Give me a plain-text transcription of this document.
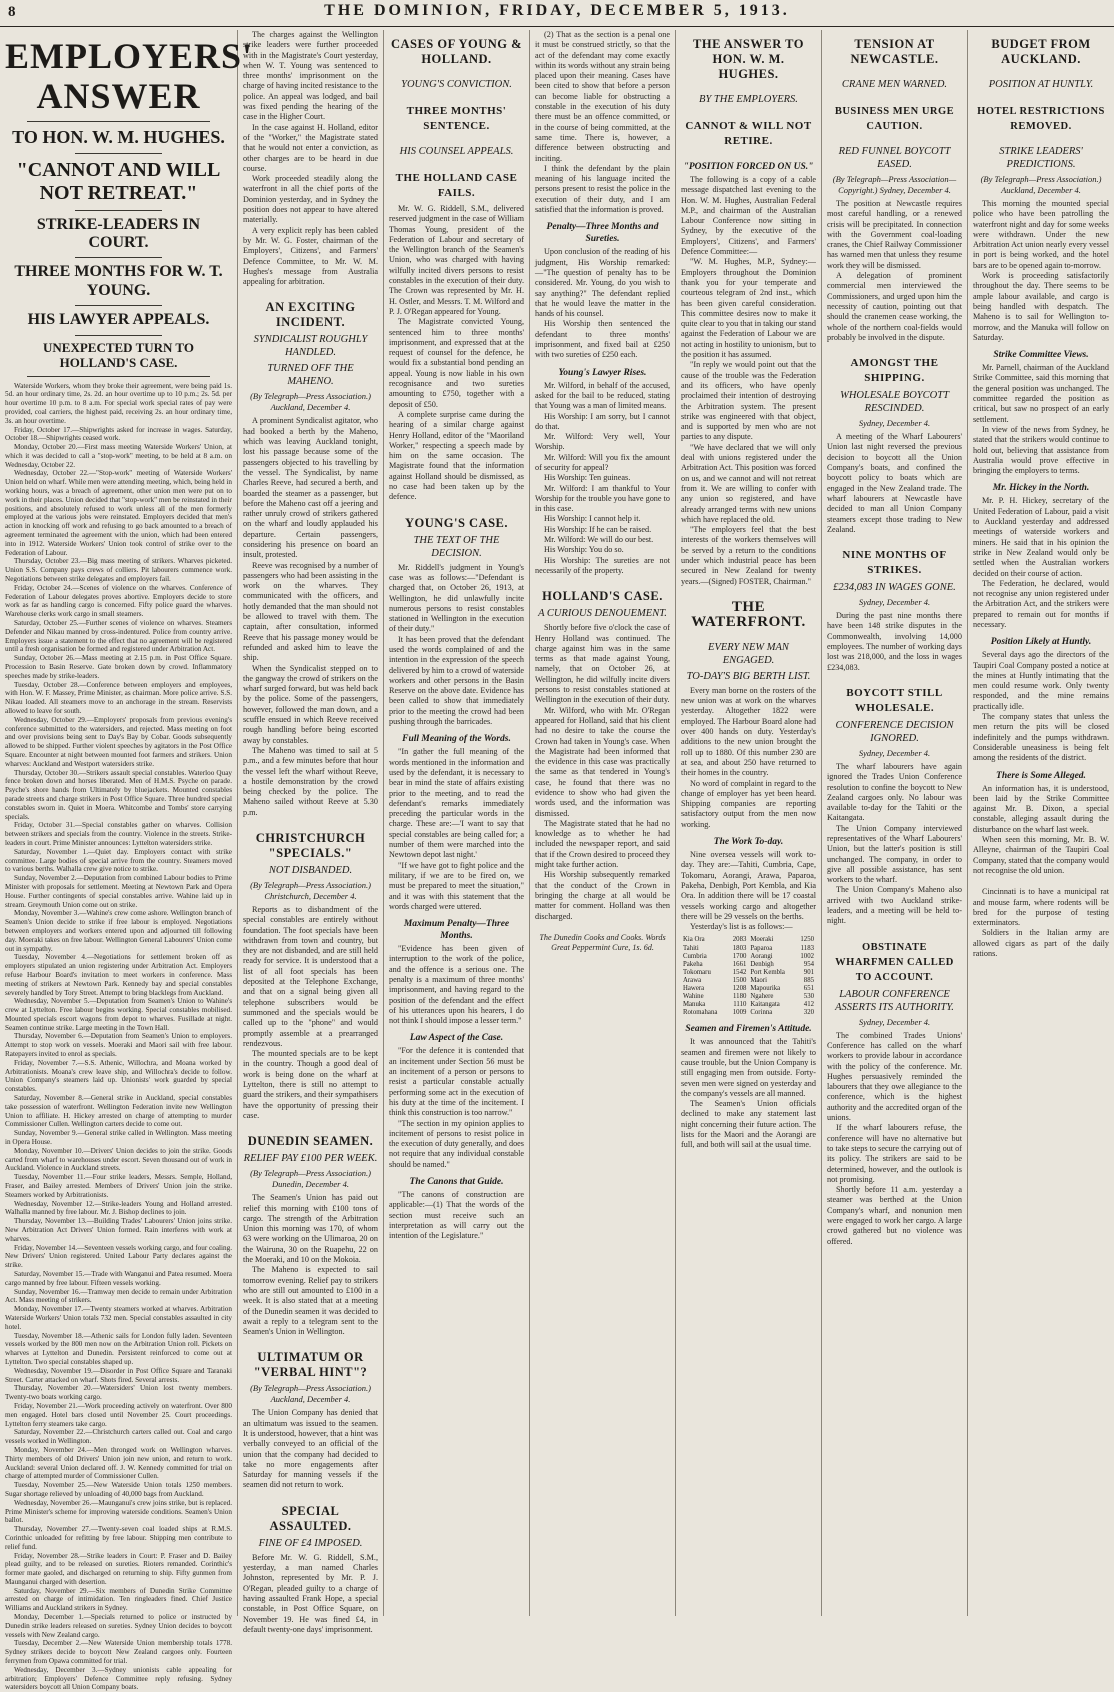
8	THE DOMINION, FRIDAY, DECEMBER 5, 1913.
EMPLOYERS' ANSWER
TO HON. W. M. HUGHES.
"CANNOT AND WILL NOT RETREAT."
STRIKE-LEADERS IN COURT.
THREE MONTHS FOR W. T. YOUNG.
HIS LAWYER APPEALS.
UNEXPECTED TURN TO HOLLAND'S CASE.

Waterside Workers, whom they broke their agreement, were being paid 1s. 5d. an hour ordinary time, 2s. 2d. an hour overtime up to 10 p.m.; 2s. 5d. per hour overtime 10 p.m. to 8 a.m. For special work special rates of pay were provided, coal carriers, the highest paid, receiving 2s. an hour ordinary time, 3s. an hour overtime.

Friday, October 17.—Shipwrights asked for increase in wages. Saturday, October 18.—Shipwrights ceased work.

Monday, October 20.—First mass meeting Waterside Workers' Union, at which it was decided to call a "stop-work" meeting, to be held at 8 a.m. on Wednesday, October 22.

Wednesday, October 22.—"Stop-work" meeting of Waterside Workers' Union held on wharf. While men were attending meeting, which, being held in working hours, was a breach of agreement, other union men were put on to work in their places. Union decided that "stop-work" men be reinstated in their positions, and absolutely refused to work unless all of the men formerly employed at the various jobs were reinstated. Employers decided that men's action in knocking off work and refusing to go back amounted to a breach of agreement terminated the agreement with the union, which had been entered into in 1912. Waterside Workers' Union took control of strike over to the Federation of Labour.

Thursday, October 23.—Big mass meeting of strikers. Wharves picketed. Union S.S. Company pays crews of colliers. Pit labourers commence work. Negotiations between strike delegates and employers fail.

Friday, October 24.—Scenes of violence on the wharves. Conference of Federation of Labour delegates proves abortive. Employers decide to store work as far as handling cargo is concerned. Fifty police guard the wharves. Warehouse clerks work cargo in small steamers.

Saturday, October 25.—Further scenes of violence on wharves. Steamers Defender and Nikau manned by cross-indentured. Police from country arrive. Employers issue a statement to the effect that no agreement will be registered until a fresh organisation be formed and registered under Arbitration Act.

Sunday, October 26.—Mass meeting at 2.15 p.m. in Post Office Square. Procession to Basin Reserve. Gate broken down by crowd. Inflammatory speeches made by strike-leaders.

Tuesday, October 28.—Conference between employers and employees, with Hon. W. F. Massey, Prime Minister, as chairman. More police arrive. S.S. Nikau loaded. All steamers move to an anchorage in the stream. Reservists allowed to leave for south.

Wednesday, October 29.—Employers' proposals from previous evening's conference submitted to the watersiders, and rejected. Mass meeting on foot and over provisions being sent to Day's Bay by Cobar. Goods subsequently allowed to be shipped. Further violent speeches by agitators in the Post Office Square. Encounter at night between mounted foot farmers and strikers. Union wharves: Auckland and Westport watersiders strike.

Thursday, October 30.—Strikers assault special constables. Waterloo Quay fence broken down and horses liberated. Men of H.M.S. Psyche on parade. Psyche's shore hands from Ultimately by bluejackets. Mounted constables parade streets and charge strikers in Post Office Square. Three hundred special constables sworn in. Quiet in Moera. Whitcombe and Tombs' store carrying specials.

Friday, October 31.—Special constables gather on wharves. Collision between strikers and specials from the country. Violence in the streets. Strike-leaders in court. Prime Minister announces: Lyttelton watersiders strike.

Saturday, November 1.—Quiet day. Employers contact with strike committee. Large bodies of special arrive from the country. Steamers moved to various berths. Walhalla crew give notice to strike.

Sunday, November 2.—Deputation from combined Labour bodies to Prime Minister with proposals for settlement. Meeting at Newtown Park and Opera House. Further contingents of special constables arrive. Wahine laid up in stream. Greymouth Union come out on strike.

Monday, November 3.—Wahine's crew come ashore. Wellington branch of Seamen's Union decide to strike if free labour is employed. Negotiations between employers and workers entered upon and adjourned till following day. Moeraki takes on free labour. Wellington General Labourers' Union come out in sympathy.

Tuesday, November 4.—Negotiations for settlement broken off as employers stipulated an union registering under Arbitration Act. Employers refuse Harbour Board's invitation to meet workers in conference. Mass meeting of strikers at Newtown Park. Kennedy bay and special constables severely handled by Tory Street. Attempt to bring blacklegs from Auckland.

Wednesday, November 5.—Deputation from Seamen's Union to Wahine's crew at Lyttelton. Free labour begins working. Special constables mobilised. Mounted specials escort wagons from depot to wharves. Fusillade at night. Seamen continue strike. Large meeting in the Town Hall.

Thursday, November 6.—Deputation from Seamen's Union to employers. Attempt to stop work on vessels. Moeraki and Maori sail with free labour. Ratepayers invited to enrol as specials.

Friday, November 7.—S.S. Athenic, Willochra, and Moana worked by Arbitrationists. Moana's crew leave ship, and Willochra's decide to follow. Union Company's steamers laid up. Unionists' work guarded by special constables.

Saturday, November 8.—General strike in Auckland, special constables take possession of waterfront. Wellington Federation invite new Wellington Union to affiliate. H. Hickey arrested on charge of attempting to murder Commissioner Cullen. Wellington carters decide to come out.

Sunday, November 9.—General strike called in Wellington. Mass meeting in Opera House.

Monday, November 10.—Drivers' Union decides to join the strike. Goods carted from wharf to warehouses under escort. Seven thousand out of work in Auckland. Violence in Auckland streets.

Tuesday, November 11.—Four strike leaders, Messrs. Semple, Holland, Fraser, and Bailey arrested. Members of Drivers' Union join the strike. Steamers worked by Arbitrationists.

Wednesday, November 12.—Strike-leaders Young and Holland arrested. Walhalla manned by free labour. Mr. J. Bishop declines to join.

Thursday, November 13.—Building Trades' Labourers' Union joins strike. New Arbitration Act Drivers' Union formed. Rain interferes with work at wharves.

Friday, November 14.—Seventeen vessels working cargo, and four coaling. New Drivers' Union registered. United Labour Party declares against the strike.

Saturday, November 15.—Trade with Wanganui and Patea resumed. Moera cargo manned by free labour. Fifteen vessels working.

Sunday, November 16.—Tramway men decide to remain under Arbitration Act. Mass meeting of strikers.

Monday, November 17.—Twenty steamers worked at wharves. Arbitration Waterside Workers' Union totals 732 men. Special constables assaulted in city hotel.

Tuesday, November 18.—Athenic sails for London fully laden. Seventeen vessels worked by the 800 men now on the Arbitration Union roll. Pickets on wharves at Lyttelton and Dunedin. Persistent reinforced to come out at Lyttelton. Two special constables shaped up.

Wednesday, November 19.—Disorder in Post Office Square and Taranaki Street. Carter attacked on wharf. Shots fired. Several arrests.

Thursday, November 20.—Watersiders' Union lost twenty members. Twenty-two boats working cargo.

Friday, November 21.—Work proceeding actively on waterfront. Over 800 men engaged. Hotel bars closed until November 25. Court proceedings. Lyttelton ferry steamers take cargo.

Saturday, November 22.—Christchurch carters called out. Coal and cargo vessels worked in Wellington.

Monday, November 24.—Men thronged work on Wellington wharves. Thirty members of old Drivers' Union join new union, and return to work. Auckland: several Union declared off. J. W. Kennedy committed for trial on charge of attempted murder of Commissioner Cullen.

Tuesday, November 25.—New Waterside Union totals 1250 members. Sugar shortage relieved by unloading of 40,000 bags from Auckland.

Wednesday, November 26.—Maunganui's crew joins strike, but is replaced. Prime Minister's scheme for improving waterside conditions. Seamen's Union ballot.

Thursday, November 27.—Twenty-seven coal loaded ships at R.M.S. Corinthic unloaded for refitting by free labour. Shipping men contribute to relief fund.

Friday, November 28.—Strike leaders in Court: P. Fraser and D. Bailey plead guilty, and to be released on sureties. Rioters remanded. Corinthic's former mate gaoled, and discharged on returning to ship. Fifty gunmen from Maunganui charged with desertion.

Saturday, November 29.—Six members of Dunedin Strike Committee arrested on charge of intimidation. Ten ringleaders fined. Chief Justice Williams and Auckland strikers in Sydney.

Monday, December 1.—Specials returned to police or instructed by Dunedin strike leaders released on sureties. Sydney Union decides to boycott vessels with New Zealand cargo.

Tuesday, December 2.—New Waterside Union membership totals 1778. Sydney strikers decide to boycott New Zealand cargoes only. Fourteen ferrymen from Opawa committed for trial.

Wednesday, December 3.—Sydney unionists cable appealing for arbitration; Employers' Defence Committee reply refusing. Sydney watersiders boycott all Union Company boats.

The charges against the Wellington strike leaders were further proceeded with in the Magistrate's Court yesterday, when W. T. Young was sentenced to three months' imprisonment on the charge of having incited resistance to the police. An appeal was lodged, and bail was fixed pending the hearing of the case in the Higher Court.

In the case against H. Holland, editor of the "Worker," the Magistrate stated that he would not enter a conviction, as other charges are to be heard in due course.

Work proceeded steadily along the waterfront in all the chief ports of the Dominion yesterday, and in Sydney the position does not appear to have altered materially.

A very explicit reply has been cabled by Mr. W. G. Foster, chairman of the Employers', Citizens', and Farmers' Defence Committee, to Mr. W. M. Hughes's message from Australia appealing for arbitration.

AN EXCITING INCIDENT.
SYNDICALIST ROUGHLY HANDLED.
TURNED OFF THE MAHENO.
(By Telegraph—Press Association.) Auckland, December 4.

A prominent Syndicalist agitator, who had booked a berth by the Maheno, which was leaving Auckland tonight, lost his passage because some of the passengers objected to his travelling by the vessel. The Syndicalist, by name Charles Reeve, had secured a berth, and boarded the steamer as a passenger, but before the Maheno cast off a jeering and rather unruly crowd of strikers gathered on the wharf and loudly applauded his departure. Certain passengers, considering his presence on board an insult, protested.

Reeve was recognised by a number of passengers who had been assisting in the work on the wharves. They communicated with the officers, and hotly demanded that the man should not be allowed to travel with them. The captain, after consultation, informed Reeve that his passage money would be refunded and asked him to leave the ship.

When the Syndicalist stepped on to the gangway the crowd of strikers on the wharf surged forward, but was held back by the police. Some of the passengers, however, followed the man down, and a scuffle ensued in which Reeve received rough handling before being escorted away by constables.

The Maheno was timed to sail at 5 p.m., and a few minutes before that hour the vessel left the wharf without Reeve, a hostile demonstration by the crowd being checked by the police. The Maheno sailed without Reeve at 5.30 p.m.

CHRISTCHURCH "SPECIALS."
NOT DISBANDED.
(By Telegraph—Press Association.) Christchurch, December 4.

Reports as to disbandment of the special constables are entirely without foundation. The foot specials have been withdrawn from town and country, but they are not disbanded, and are still held ready for service. It is understood that a list of all foot specials has been deposited at the Telephone Exchange, and that on a signal being given all telephone subscribers would be summoned and the specials would be called up to the "phone" and would promptly assemble at a prearranged rendezvous.

The mounted specials are to be kept in the country. Though a good deal of work is being done on the wharf at Lyttelton, there is still no attempt to guard the strikers, and their sympathisers have the opportunity of pressing their case.

DUNEDIN SEAMEN.
RELIEF PAY £100 PER WEEK.
(By Telegraph—Press Association.) Dunedin, December 4.

The Seamen's Union has paid out relief this morning with £100 tons of cargo. The strength of the Arbitration Union this morning was 170, of whom 63 were working on the Ulimaroa, 20 on the Wairuna, 30 on the Ruapehu, 22 on the Moeraki, and 10 on the Mokoia.

The Maheno is expected to sail tomorrow evening. Relief pay to strikers who are still out amounted to £100 in a week. It is also stated that at a meeting of the Dunedin seamen it was decided to await a reply to a telegram sent to the Seamen's Union in Wellington.

ULTIMATUM OR "VERBAL HINT"?
(By Telegraph—Press Association.) Auckland, December 4.

The Union Company has denied that an ultimatum was issued to the seamen. It is understood, however, that a hint was verbally conveyed to an official of the union that the company had decided to take no more engagements after Saturday for manning vessels if the seamen did not return to work.

SPECIAL ASSAULTED.
FINE OF £4 IMPOSED.

Before Mr. W. G. Riddell, S.M., yesterday, a man named Charles Johnston, represented by Mr. P. J. O'Regan, pleaded guilty to a charge of having assaulted Frank Hope, a special constable, in Post Office Square, on November 19. He was fined £4, in default twenty-one days' imprisonment.

CASES OF YOUNG & HOLLAND.
YOUNG'S CONVICTION.
THREE MONTHS' SENTENCE.
HIS COUNSEL APPEALS.
THE HOLLAND CASE FAILS.

Mr. W. G. Riddell, S.M., delivered reserved judgment in the case of William Thomas Young, president of the Federation of Labour and secretary of the Wellington branch of the Seamen's Union, who was charged with having wilfully incited divers persons to resist constables in the execution of their duty. The Crown was represented by Mr. H. H. Ostler, and Messrs. T. M. Wilford and P. J. O'Regan appeared for Young.

The Magistrate convicted Young, sentenced him to three months' imprisonment, and expressed that at the request of counsel for the defence, he would fix a substantial bond pending an appeal. Young is now liable in his own recognisance and two sureties amounting to £750, together with a deposit of £50.

A complete surprise came during the hearing of a similar charge against Henry Holland, editor of the "Maoriland Worker," respecting a speech made by him on the same occasion. The Magistrate found that the information against Holland should be dismissed, as no case had been taken up by the defence.

YOUNG'S CASE.
THE TEXT OF THE DECISION.

Mr. Riddell's judgment in Young's case was as follows:—"Defendant is charged that, on October 26, 1913, at Wellington, he did unlawfully incite numerous persons to resist constables stationed in Wellington in the execution of their duty."

It has been proved that the defendant used the words complained of and the intention in the expression of the speech delivered by him to a crowd of waterside workers and other persons in the Basin Reserve on the above date. Evidence has been called to show that immediately prior to the meeting the crowd had been pushing through the barricades.

Full Meaning of the Words.

"In gather the full meaning of the words mentioned in the information and used by the defendant, it is necessary to bear in mind the state of affairs existing prior to the meeting, and to read the defendant's remarks immediately preceding the particular words in the charge. These are:—'I want to say that special constables are being called for; a number of them were marched into the Newtown depot last night.'

"If we have got to fight police and the military, if we are to be fired on, we must be prepared to meet the situation," and it was with this statement that the words charged were uttered.

Maximum Penalty—Three Months.

"Evidence has been given of interruption to the work of the police, and the offence is a serious one. The penalty is a maximum of three months' imprisonment, and having regard to the position of the defendant and the effect of his utterances upon his hearers, I do not think I should impose a lesser term."

Law Aspect of the Case.

"For the defence it is contended that an incitement under Section 56 must be an incitement of a person or persons to resist a particular constable actually performing some act in the execution of his duty at the time of the incitement. I think this construction is too narrow."

"The section in my opinion applies to incitement of persons to resist police in the execution of duty generally, and does not require that any individual constable should be named."

The Canons that Guide.

"The canons of construction are applicable:—(1) That the words of the section must receive such an interpretation as will carry out the intention of the Legislature."

(2) That as the section is a penal one it must be construed strictly, so that the act of the defendant may come exactly within its words without any strain being placed upon their meaning. Cases have been cited to show that before a person can become liable for obstructing a constable in the execution of his duty there must be an offence committed, or in the course of being committed, at the same time. There is, however, a difference between obstructing and inciting.

I think the defendant by the plain meaning of his language incited the persons present to resist the police in the execution of their duty, and I am satisfied that the information is proved.

Penalty—Three Months and Sureties.

Upon conclusion of the reading of his judgment, His Worship remarked:—"The question of penalty has to be considered. Mr. Young, do you wish to say anything?" The defendant replied that he would leave the matter in the hands of his counsel.

His Worship then sentenced the defendant to three months' imprisonment, and fixed bail at £250 with two sureties of £250 each.

Young's Lawyer Rises.

Mr. Wilford, in behalf of the accused, asked for the bail to be reduced, stating that Young was a man of limited means.

His Worship: I am sorry, but I cannot do that.

Mr. Wilford: Very well, Your Worship.

Mr. Wilford: Will you fix the amount of security for appeal?

His Worship: Ten guineas.

Mr. Wilford: I am thankful to Your Worship for the trouble you have gone to in this case.

His Worship: I cannot help it.

His Worship: If he can be raised.

Mr. Wilford: We will do our best.

His Worship: You do so.

His Worship: The sureties are not necessarily of the property.

HOLLAND'S CASE.
A CURIOUS DENOUEMENT.

Shortly before five o'clock the case of Henry Holland was continued. The charge against him was in the same terms as that made against Young, namely, that on October 26, at Wellington, he did wilfully incite divers persons to resist constables stationed at Wellington in the execution of their duty.

Mr. Wilford, who with Mr. O'Regan appeared for Holland, said that his client had no desire to take the course the Crown had taken in Young's case. When the Magistrate had been informed that the evidence in this case was practically the same as that tendered in Young's case, he found that there was no evidence to show who had given the words used, and the information was dismissed.

The Magistrate stated that he had no knowledge as to whether he had included the newspaper report, and said that if the Crown desired to proceed they might take further action.

His Worship subsequently remarked that the conduct of the Crown in bringing the charge at all would be matter for comment. Holland was then discharged.

The Dunedin Cooks and Cooks. Words Great Peppermint Cure, 1s. 6d.

THE ANSWER TO HON. W. M. HUGHES.
BY THE EMPLOYERS.
CANNOT & WILL NOT RETIRE.
"POSITION FORCED ON US."

The following is a copy of a cable message dispatched last evening to the Hon. W. M. Hughes, Australian Federal M.P., and chairman of the Australian Labour Conference now sitting in Sydney, by the executive of the Employers', Citizens', and Farmers' Defence Committee:—

"W. M. Hughes, M.P., Sydney:—Employers throughout the Dominion thank you for your temperate and courteous telegram of 2nd inst., which has been given careful consideration. This committee desires now to make it quite clear to you that in taking our stand against the Federation of Labour we are not acting in hostility to unionism, but to the position it has assumed.

"In reply we would point out that the cause of the trouble was the Federation and its officers, who have openly proclaimed their intention of destroying the Arbitration system. The present strike was engineered with that object, and is supported by men who are not parties to any dispute.

"We have declared that we will only deal with unions registered under the Arbitration Act. This position was forced on us, and we cannot and will not retreat from it. We are willing to confer with any union so registered, and have already arranged terms with new unions which have replaced the old.

"The employers feel that the best interests of the workers themselves will be served by a return to the conditions under which industrial peace has been secured in New Zealand for twenty years.—(Signed) FOSTER, Chairman."

THE WATERFRONT.
EVERY NEW MAN ENGAGED.
TO-DAY'S BIG BERTH LIST.

Every man borne on the rosters of the new union was at work on the wharves yesterday. Altogether 1822 were employed. The Harbour Board alone had over 400 hands on duty. Yesterday's additions to the new union brought the roll up to 1880. Of this number 230 are at sea, and about 250 have returned to their homes in the country.

No word of complaint in regard to the change of employer has yet been heard. Shipping companies are reporting satisfactory output from the men now working.

The Work To-day.

Nine oversea vessels will work to-day. They are:—Tahiti, Cumbria, Cape, Tokomaru, Aorangi, Arawa, Paparoa, Pakeha, Denbigh, Port Kembla, and Kia Ora. In addition there will be 17 coastal vessels working cargo and altogether there will be 29 vessels on the berths.

Yesterday's list is as follows:—

Kia Ora	2083	Moeraki	1250
Tahiti	1803	Paparoa	1183
Cumbria	1700	Aorangi	1002
Pakeha	1661	Denbigh	954
Tokomaru	1542	Port Kembla	901
Arawa	1500	Maori	885
Hawera	1208	Mapourika	651
Wahine	1180	Ngahere	530
Manuka	1110	Kaitangata	412
Rotomahana	1009	Corinna	320
Seamen and Firemen's Attitude.

It was announced that the Tahiti's seamen and firemen were not likely to cause trouble, but the Union Company is still engaging men from outside. Forty-seven men were signed on yesterday and the company's vessels are all manned.

The Seamen's Union officials declined to make any statement last night concerning their future action. The lists for the Maori and the Aorangi are full, and both will sail at the usual time.

TENSION AT NEWCASTLE.
CRANE MEN WARNED.
BUSINESS MEN URGE CAUTION.
RED FUNNEL BOYCOTT EASED.
(By Telegraph—Press Association—Copyright.) Sydney, December 4.

The position at Newcastle requires most careful handling, or a renewed crisis will be precipitated. In connection with the Government coal-loading cranes, the Chief Railway Commissioner has warned men that unless they resume work they will be dismissed.

A delegation of prominent commercial men interviewed the Commissioners, and urged upon him the necessity of caution, pointing out that should the cranemen cease working, the whole of the northern coal-fields would probably be involved in the dispute.

AMONGST THE SHIPPING.
WHOLESALE BOYCOTT RESCINDED.
Sydney, December 4.

A meeting of the Wharf Labourers' Union last night reversed the previous decision to boycott all the Union Company's boats, and confined the boycott policy to boats which are engaged in the New Zealand trade. The wharf labourers at Newcastle have decided to man all Union Company steamers except those trading to New Zealand.

NINE MONTHS OF STRIKES.
£234,083 IN WAGES GONE.
Sydney, December 4.

During the past nine months there have been 148 strike disputes in the Commonwealth, involving 14,000 employees. The number of working days lost was 218,000, and the loss in wages £234,083.

BOYCOTT STILL WHOLESALE.
CONFERENCE DECISION IGNORED.
Sydney, December 4.

The wharf labourers have again ignored the Trades Union Conference resolution to confine the boycott to New Zealand cargoes only. No labour was available to-day for the Tahiti or the Kaitangata.

The Union Company interviewed representatives of the Wharf Labourers' Union, but the latter's position is still unchanged. The company, in order to give all possible assistance, has sent workers to the wharf.

The Union Company's Maheno also arrived with two Auckland strike-leaders, and a meeting will be held to-night.

OBSTINATE WHARFMEN CALLED TO ACCOUNT.
LABOUR CONFERENCE ASSERTS ITS AUTHORITY.
Sydney, December 4.

The combined Trades Unions' Conference has called on the wharf workers to provide labour in accordance with the policy of the conference. Mr. Hughes persuasively reminded the labourers that they owe allegiance to the conference, which is the highest authority and the accredited organ of the unions.

If the wharf labourers refuse, the conference will have no alternative but to take steps to secure the carrying out of its policy. The strikers are said to be determined, however, and the outlook is not promising.

Shortly before 11 a.m. yesterday a steamer was berthed at the Union Company's wharf, and nonunion men were engaged to work her cargo. A large crowd gathered but no violence was offered.

BUDGET FROM AUCKLAND.
POSITION AT HUNTLY.
HOTEL RESTRICTIONS REMOVED.
STRIKE LEADERS' PREDICTIONS.
(By Telegraph—Press Association.) Auckland, December 4.

This morning the mounted special police who have been patrolling the waterfront night and day for some weeks were withdrawn. Under the new Arbitration Act union nearly every vessel in port is being worked, and the hotel bars are to be opened again to-morrow.

Work is proceeding satisfactorily throughout the day. There seems to be ample labour available, and cargo is being handled with despatch. The Maheno is to sail for Wellington to-morrow, and the Manuka will follow on Saturday.

Strike Committee Views.

Mr. Parnell, chairman of the Auckland Strike Committee, said this morning that the general position was unchanged. The committee regarded the position as critical, but saw no prospect of an early settlement.

In view of the news from Sydney, he stated that the strikers would continue to hold out, believing that assistance from Australia would prove effective in bringing the employers to terms.

Mr. Hickey in the North.

Mr. P. H. Hickey, secretary of the United Federation of Labour, paid a visit to Auckland yesterday and addressed meetings of waterside workers and miners. He said that in his opinion the strike in New Zealand would only be settled when the Australian workers decided on their course of action.

The Federation, he declared, would not recognise any union registered under the Arbitration Act, and the strikers were prepared to remain out for months if necessary.

Position Likely at Huntly.

Several days ago the directors of the Taupiri Coal Company posted a notice at the mines at Huntly intimating that the men could resume work. Only twenty responded, and the mine remains practically idle.

The company states that unless the men return the pits will be closed indefinitely and the pumps withdrawn. Considerable uneasiness is being felt among the residents of the district.

There is Some Alleged.

An information has, it is understood, been laid by the Strike Committee against Mr. B. Dixon, a special constable, alleging assault during the disturbance on the wharf last week.

When seen this morning, Mr. B. W. Alleyne, chairman of the Taupiri Coal Company, stated that the company would not recognise the old union.

Cincinnati is to have a municipal rat and mouse farm, where rodents will be bred for the purpose of testing exterminators.

Soldiers in the Italian army are allowed cigars as part of the daily rations.
